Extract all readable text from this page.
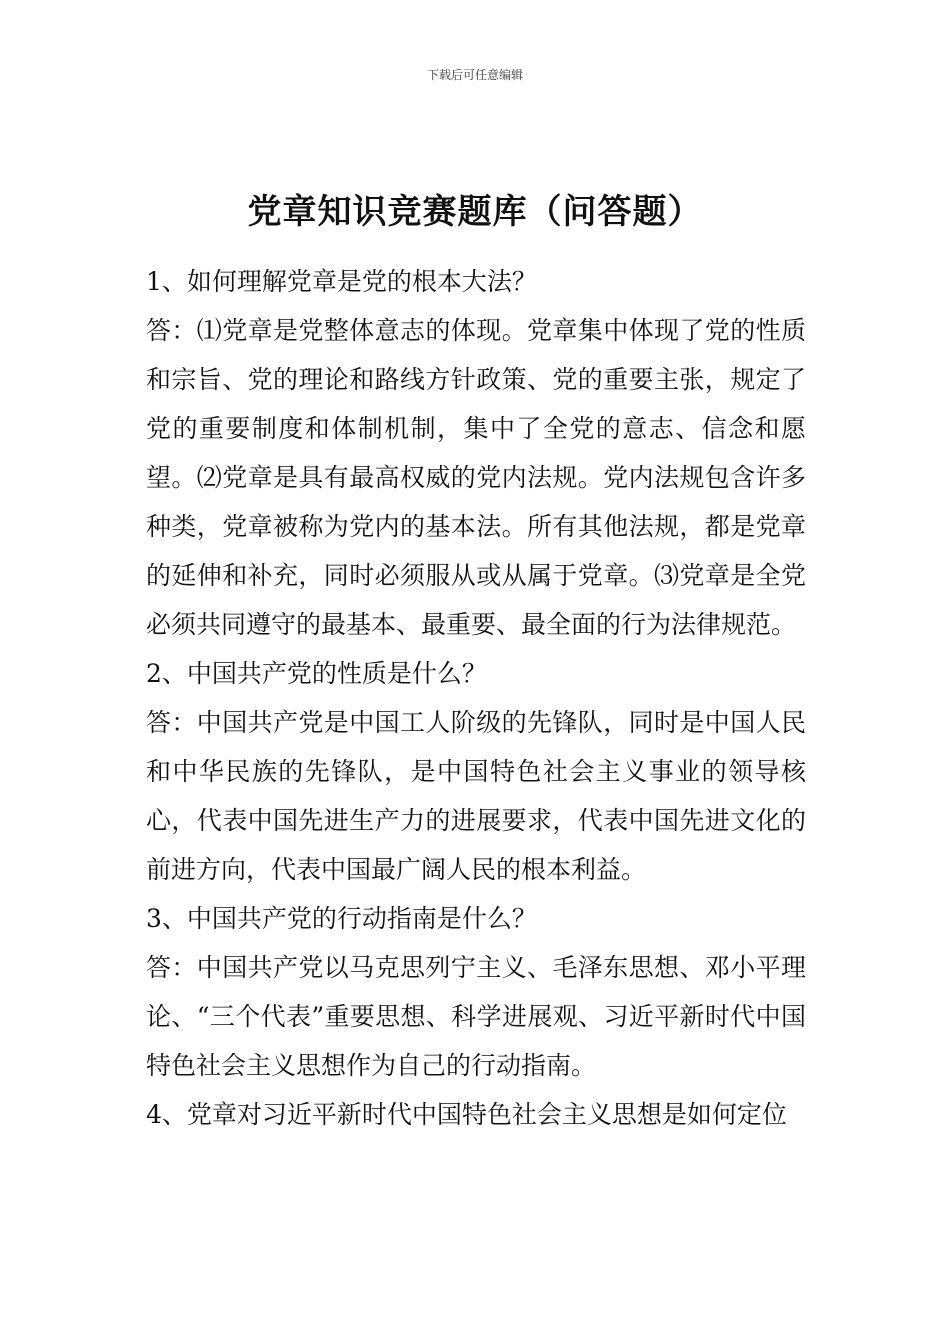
下载后可任意编辑
党章知识竞赛题库（问答题）

1、如何理解党章是党的根本大法？

答：⑴党章是党整体意志的体现。党章集中体现了党的性质和宗旨、党的理论和路线方针政策、党的重要主张，规定了党的重要制度和体制机制，集中了全党的意志、信念和愿望。⑵党章是具有最高权威的党内法规。党内法规包含许多种类，党章被称为党内的基本法。所有其他法规，都是党章的延伸和补充，同时必须服从或从属于党章。⑶党章是全党必须共同遵守的最基本、最重要、最全面的行为法律规范。

2、中国共产党的性质是什么？

答：中国共产党是中国工人阶级的先锋队，同时是中国人民和中华民族的先锋队，是中国特色社会主义事业的领导核心，代表中国先进生产力的进展要求，代表中国先进文化的前进方向，代表中国最广阔人民的根本利益。

3、中国共产党的行动指南是什么？

答：中国共产党以马克思列宁主义、毛泽东思想、邓小平理论、“三个代表”重要思想、科学进展观、习近平新时代中国特色社会主义思想作为自己的行动指南。

4、党章对习近平新时代中国特色社会主义思想是如何定位
